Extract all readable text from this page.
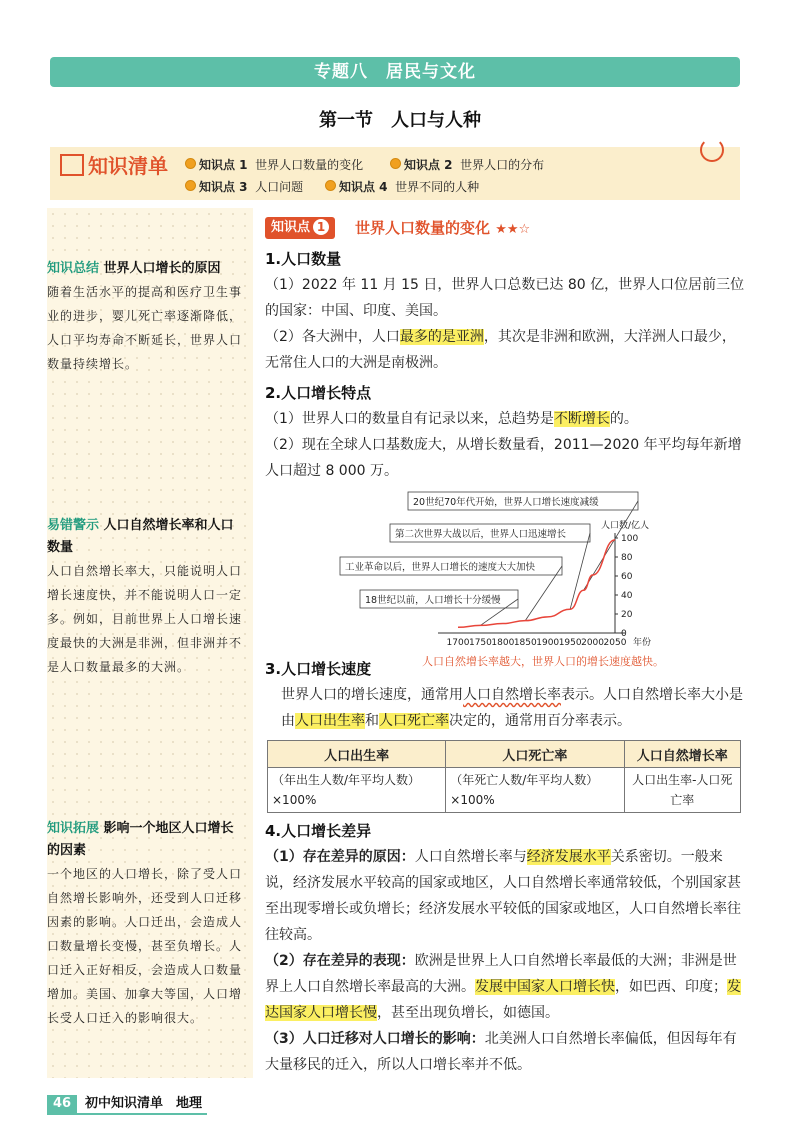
专题八　居民与文化
第一节　人口与人种
知识清单	知识点 1 世界人口数量的变化	知识点 2 世界人口的分布
知识点 3 人口问题	知识点 4 世界不同的人种
知识总结 世界人口增长的原因
随着生活水平的提高和医疗卫生事业的进步，婴儿死亡率逐渐降低，人口平均寿命不断延长，世界人口数量持续增长。
易错警示 人口自然增长率和人口数量
人口自然增长率大，只能说明人口增长速度快，并不能说明人口一定多。例如，目前世界上人口增长速度最快的大洲是非洲，但非洲并不是人口数量最多的大洲。
知识拓展 影响一个地区人口增长的因素
一个地区的人口增长，除了受人口自然增长影响外，还受到人口迁移因素的影响。人口迁出，会造成人口数量增长变慢，甚至负增长。人口迁入正好相反，会造成人口数量增加。美国、加拿大等国，人口增长受人口迁入的影响很大。
知识点 1	世界人口数量的变化 ★★☆
1.人口数量
（1）2022 年 11 月 15 日，世界人口总数已达 80 亿，世界人口位居前三位的国家：中国、印度、美国。
（2）各大洲中，人口最多的是亚洲，其次是非洲和欧洲，大洋洲人口最少，无常住人口的大洲是南极洲。
2.人口增长特点
（1）世界人口的数量自有记录以来，总趋势是不断增长的。
（2）现在全球人口基数庞大，从增长数量看，2011—2020 年平均每年新增人口超过 8 000 万。
1700 1750 1800 1850 1900 1950 2000 2050 年份
0
20
40
60
80
100
人口数/亿人
20世纪70年代开始，世界人口增长速度减缓
第二次世界大战以后，世界人口迅速增长
工业革命以后，世界人口增长的速度大大加快
18世纪以前，人口增长十分缓慢
人口自然增长率越大，世界人口的增长速度越快。
3.人口增长速度
世界人口的增长速度，通常用人口自然增长率表示。人口自然增长率大小是由人口出生率和人口死亡率决定的，通常用百分率表示。
人口出生率	人口死亡率	人口自然增长率
（年出生人数/年平均人数）×100%	（年死亡人数/年平均人数）×100%	人口出生率-人口死亡率
4.人口增长差异
（1）存在差异的原因：人口自然增长率与经济发展水平关系密切。一般来说，经济发展水平较高的国家或地区，人口自然增长率通常较低，个别国家甚至出现零增长或负增长；经济发展水平较低的国家或地区，人口自然增长率往往较高。
（2）存在差异的表现：欧洲是世界上人口自然增长率最低的大洲；非洲是世界上人口自然增长率最高的大洲。发展中国家人口增长快，如巴西、印度；发达国家人口增长慢，甚至出现负增长，如德国。
（3）人口迁移对人口增长的影响：北美洲人口自然增长率偏低，但因每年有大量移民的迁入，所以人口增长率并不低。
46	初中知识清单　地理
